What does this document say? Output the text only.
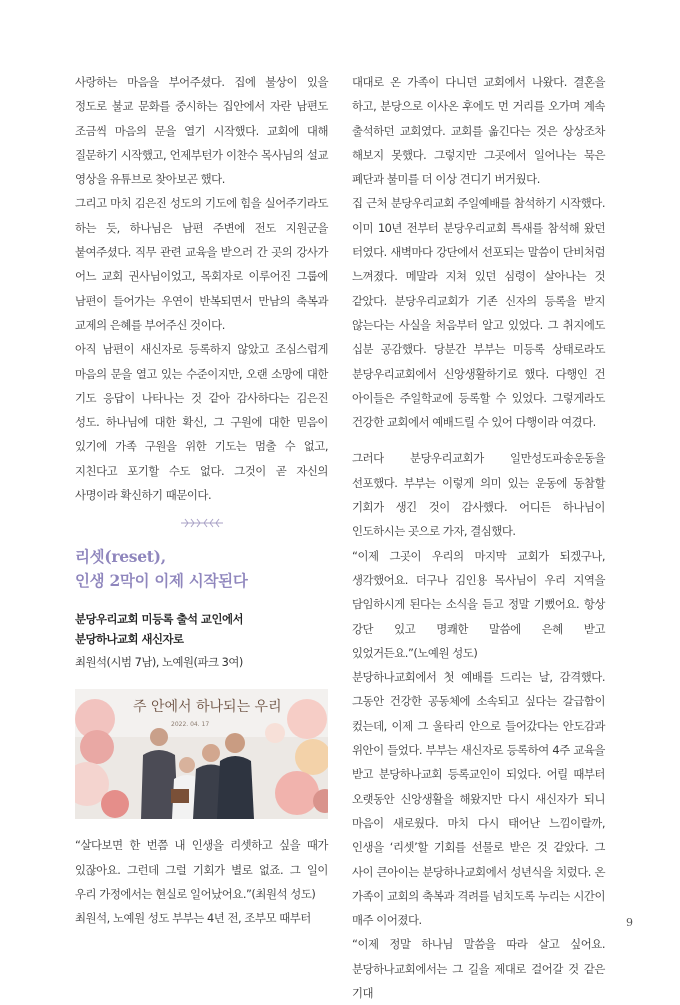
사랑하는 마음을 부어주셨다. 집에 불상이 있을 정도로 불교 문화를 중시하는 집안에서 자란 남편도 조금씩 마음의 문을 열기 시작했다. 교회에 대해 질문하기 시작했고, 언제부턴가 이찬수 목사님의 설교 영상을 유튜브로 찾아보곤 했다.

그리고 마치 김은진 성도의 기도에 힘을 실어주기라도 하는 듯, 하나님은 남편 주변에 전도 지원군을 붙여주셨다. 직무 관련 교육을 받으러 간 곳의 강사가 어느 교회 권사님이었고, 목회자로 이루어진 그룹에 남편이 들어가는 우연이 반복되면서 만남의 축복과 교제의 은혜를 부어주신 것이다.

아직 남편이 새신자로 등록하지 않았고 조심스럽게 마음의 문을 열고 있는 수준이지만, 오랜 소망에 대한 기도 응답이 나타나는 것 같아 감사하다는 김은진 성도. 하나님에 대한 확신, 그 구원에 대한 믿음이 있기에 가족 구원을 위한 기도는 멈출 수 없고, 지친다고 포기할 수도 없다. 그것이 곧 자신의 사명이라 확신하기 때문이다.

리셋(reset),
인생 2막이 이제 시작된다

분당우리교회 미등록 출석 교인에서
분당하나교회 새신자로

최원석(시범 7남), 노예원(파크 3여)

주 안에서 하나되는 우리
2022. 04. 17

“살다보면 한 번쯤 내 인생을 리셋하고 싶을 때가 있잖아요. 그런데 그럴 기회가 별로 없죠. 그 일이 우리 가정에서는 현실로 일어났어요.”(최원석 성도)

최원석, 노예원 성도 부부는 4년 전, 조부모 때부터

대대로 온 가족이 다니던 교회에서 나왔다. 결혼을 하고, 분당으로 이사온 후에도 먼 거리를 오가며 계속 출석하던 교회였다. 교회를 옮긴다는 것은 상상조차 해보지 못했다. 그렇지만 그곳에서 일어나는 묵은 폐단과 불미를 더 이상 견디기 버거웠다.

집 근처 분당우리교회 주일예배를 참석하기 시작했다. 이미 10년 전부터 분당우리교회 특새를 참석해 왔던 터였다. 새벽마다 강단에서 선포되는 말씀이 단비처럼 느껴졌다. 메말라 지쳐 있던 심령이 살아나는 것 같았다. 분당우리교회가 기존 신자의 등록을 받지 않는다는 사실을 처음부터 알고 있었다. 그 취지에도 십분 공감했다. 당분간 부부는 미등록 상태로라도 분당우리교회에서 신앙생활하기로 했다. 다행인 건 아이들은 주일학교에 등록할 수 있었다. 그렇게라도 건강한 교회에서 예배드릴 수 있어 다행이라 여겼다.

그러다 분당우리교회가 일만성도파송운동을 선포했다. 부부는 이렇게 의미 있는 운동에 동참할 기회가 생긴 것이 감사했다. 어디든 하나님이 인도하시는 곳으로 가자, 결심했다.

“이제 그곳이 우리의 마지막 교회가 되겠구나, 생각했어요. 더구나 김인용 목사님이 우리 지역을 담임하시게 된다는 소식을 듣고 정말 기뻤어요. 항상 강단 있고 명쾌한 말씀에 은혜 받고 있었거든요.”(노예원 성도)

분당하나교회에서 첫 예배를 드리는 날, 감격했다. 그동안 건강한 공동체에 소속되고 싶다는 갈급함이 컸는데, 이제 그 울타리 안으로 들어갔다는 안도감과 위안이 들었다. 부부는 새신자로 등록하여 4주 교육을 받고 분당하나교회 등록교인이 되었다. 어릴 때부터 오랫동안 신앙생활을 해왔지만 다시 새신자가 되니 마음이 새로웠다. 마치 다시 태어난 느낌이랄까, 인생을 ‘리셋’할 기회를 선물로 받은 것 같았다. 그 사이 큰아이는 분당하나교회에서 성년식을 치렀다. 온 가족이 교회의 축복과 격려를 넘치도록 누리는 시간이 매주 이어졌다.

“이제 정말 하나님 말씀을 따라 살고 싶어요. 분당하나교회에서는 그 길을 제대로 걸어갈 것 같은 기대

9
